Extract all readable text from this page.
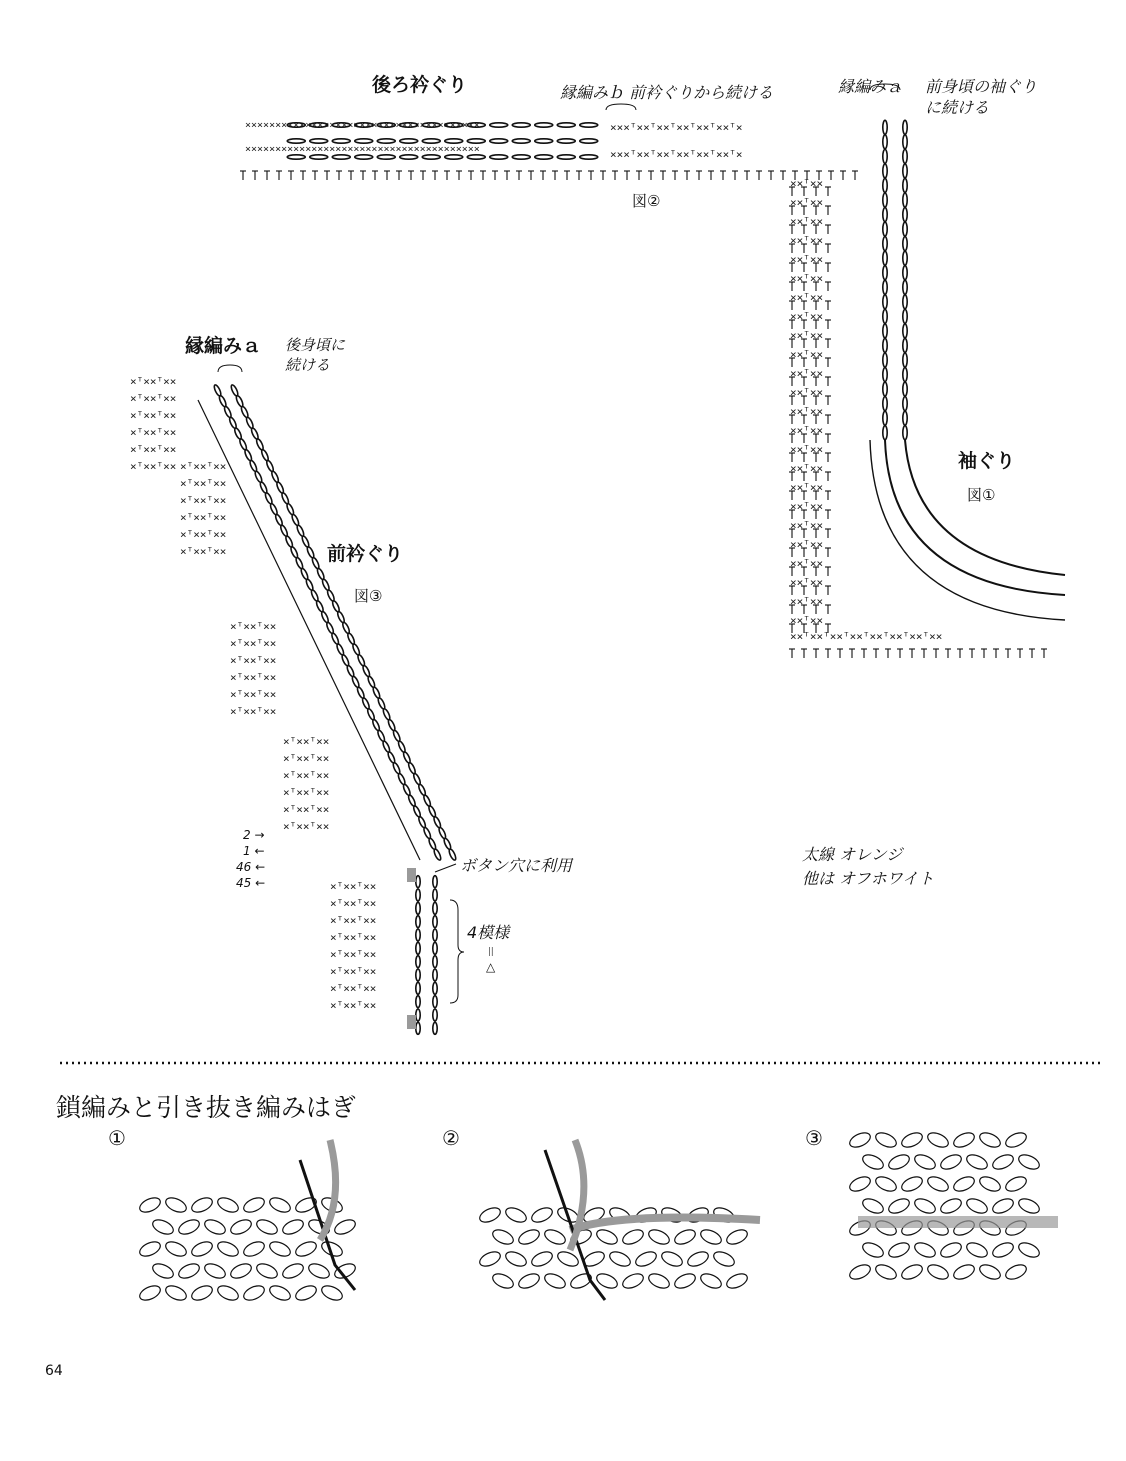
後ろ衿ぐり	縁編みｂ 前衿ぐりから続ける	縁編みａ 前身頃の袖ぐり
に続ける
図②
縁編みａ 後身頃に
続ける
袖ぐり
図①
前衿ぐり
図③
ボタン穴に利用
4模様
＝
△
太線 オレンジ
他は オフホワイト
2 →
1 ←
46 ←
45 ←
鎖編みと引き抜き編みはぎ
①	②	③
64
×××××××××××××××××××××××××××××××××××××××
×××××××××××××××××××××××××××××××××××××××
×××ᵀ××ᵀ××ᵀ××ᵀ××ᵀ××ᵀ×
×××ᵀ××ᵀ××ᵀ××ᵀ××ᵀ××ᵀ×
××ᵀ××
××ᵀ××
××ᵀ××
××ᵀ××
××ᵀ××
××ᵀ××
××ᵀ××
××ᵀ××
××ᵀ××
××ᵀ××
××ᵀ××
××ᵀ××
××ᵀ××
××ᵀ××
××ᵀ××
××ᵀ××
××ᵀ××
××ᵀ××
××ᵀ××
××ᵀ××
××ᵀ××
××ᵀ××
××ᵀ××
××ᵀ××
××ᵀ××ᵀ××ᵀ××ᵀ××ᵀ××ᵀ××ᵀ××
×ᵀ××ᵀ××
×ᵀ××ᵀ××
×ᵀ××ᵀ××
×ᵀ××ᵀ××
×ᵀ××ᵀ××
×ᵀ××ᵀ×× ×ᵀ××ᵀ××
×ᵀ××ᵀ××
×ᵀ××ᵀ××
×ᵀ××ᵀ××
×ᵀ××ᵀ××
×ᵀ××ᵀ××
×ᵀ××ᵀ××
×ᵀ××ᵀ××
×ᵀ××ᵀ××
×ᵀ××ᵀ××
×ᵀ××ᵀ××
×ᵀ××ᵀ××
×ᵀ××ᵀ××
×ᵀ××ᵀ××
×ᵀ××ᵀ××
×ᵀ××ᵀ××
×ᵀ××ᵀ××
×ᵀ××ᵀ××
×ᵀ××ᵀ××
×ᵀ××ᵀ××
×ᵀ××ᵀ××
×ᵀ××ᵀ××
×ᵀ××ᵀ××
×ᵀ××ᵀ××
×ᵀ××ᵀ××
×ᵀ××ᵀ××
